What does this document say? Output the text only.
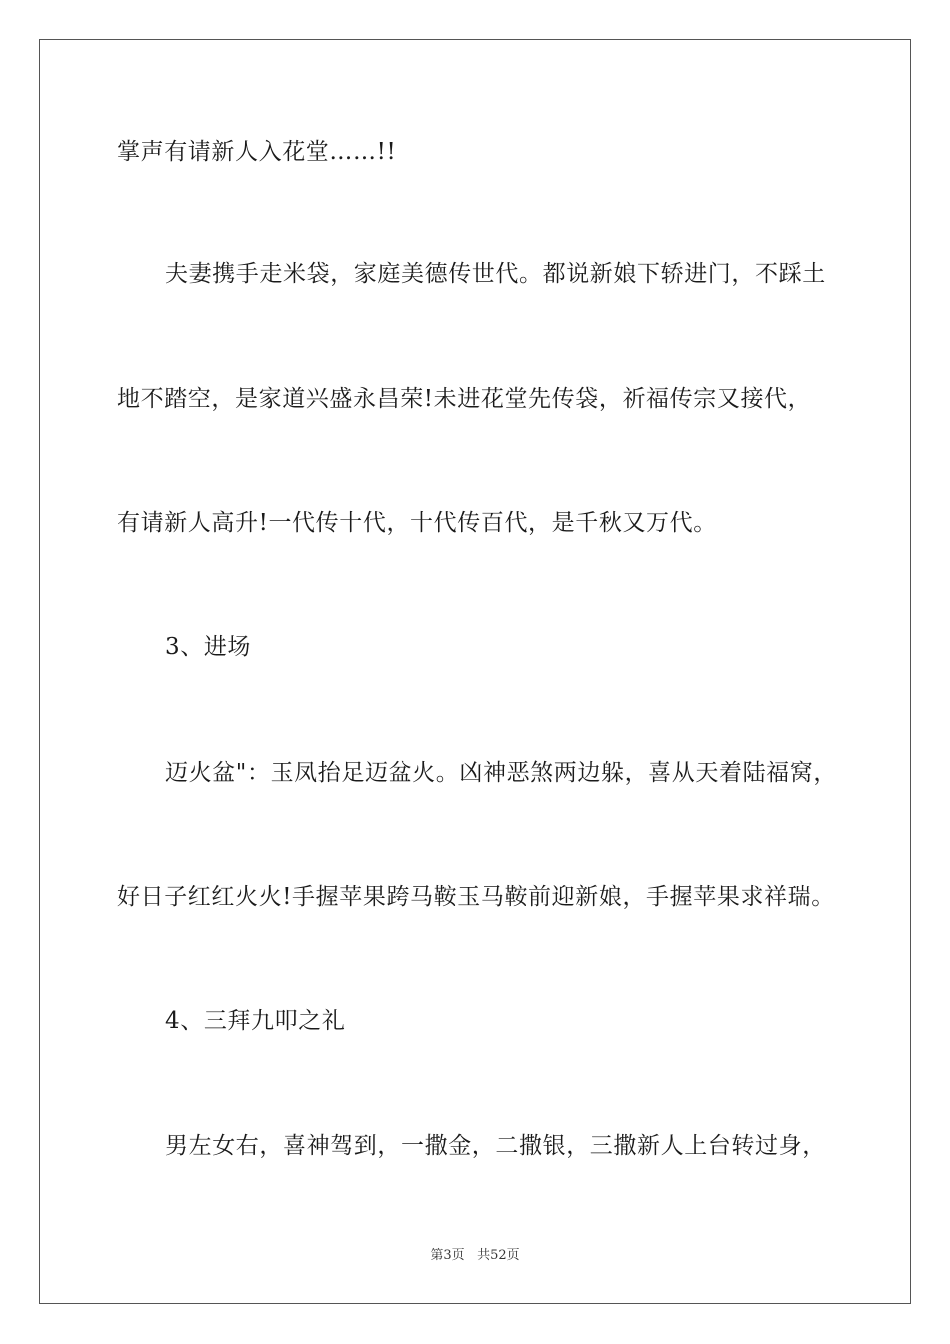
掌声有请新人入花堂……!!
夫妻携手走米袋，家庭美德传世代。都说新娘下轿进门，不踩土
地不踏空，是家道兴盛永昌荣!未进花堂先传袋，祈福传宗又接代，
有请新人高升!一代传十代，十代传百代，是千秋又万代。
3、进场
迈火盆"：玉凤抬足迈盆火。凶神恶煞两边躲，喜从天着陆福窝，
好日子红红火火!手握苹果跨马鞍玉马鞍前迎新娘，手握苹果求祥瑞。
4、三拜九叩之礼
男左女右，喜神驾到，一撒金，二撒银，三撒新人上台转过身，
第3页 共52页
